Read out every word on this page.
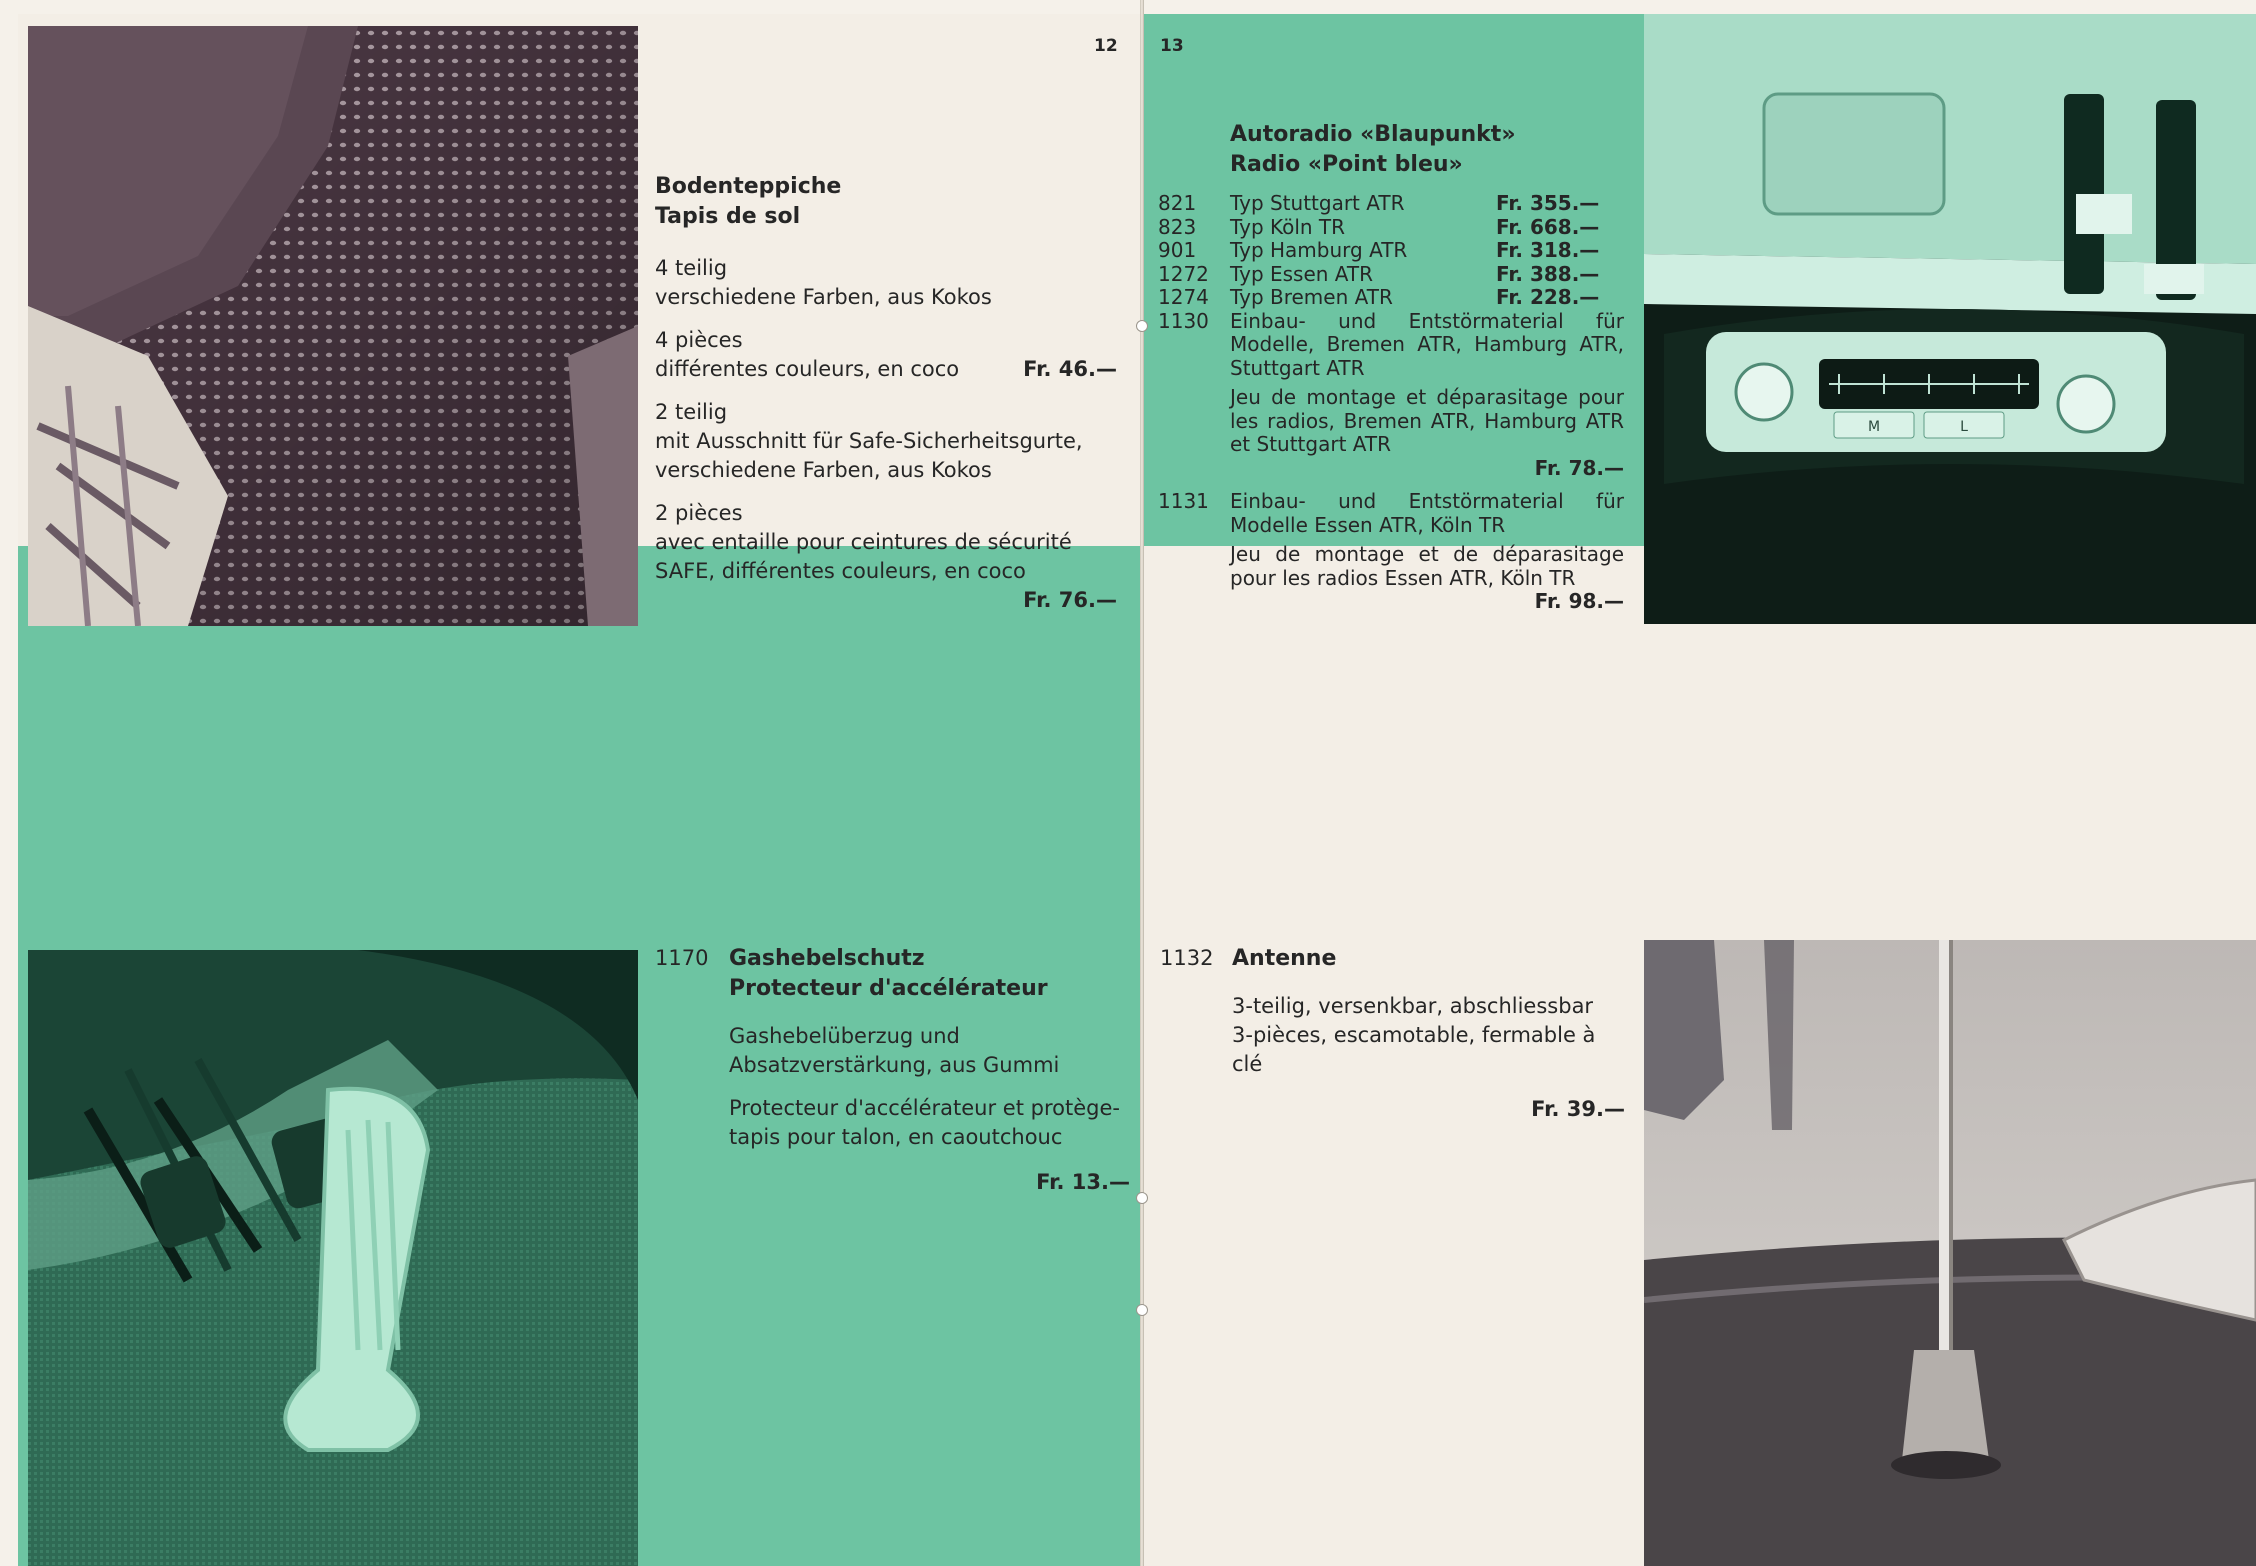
12 13
Bodenteppiche
Tapis de sol
4 teilig
verschiedene Farben, aus Kokos
4 pièces
différentes couleurs, en coco	Fr. 46.—
2 teilig
mit Ausschnitt für Safe-Sicherheitsgurte,
verschiedene Farben, aus Kokos
2 pièces
avec entaille pour ceintures de sécurité
SAFE, différentes couleurs, en coco
Fr. 76.—
Autoradio «Blaupunkt»
Radio «Point bleu»
821	Typ Stuttgart ATR	Fr. 355.—
823	Typ Köln TR	Fr. 668.—
901	Typ Hamburg ATR	Fr. 318.—
1272	Typ Essen ATR	Fr. 388.—
1274	Typ Bremen ATR	Fr. 228.—
1130	Einbau- und Entstörmaterial für Modelle, Bremen ATR, Hamburg ATR, Stuttgart ATR
Jeu de montage et déparasitage pour les radios, Bremen ATR, Hamburg ATR et Stuttgart ATR
Fr. 78.—
1131	Einbau- und Entstörmaterial für Modelle Essen ATR, Köln TR
Jeu de montage et de déparasitage pour les radios Essen ATR, Köln TR
Fr. 98.—
M	L
1170 Gashebelschutz
Protecteur d'accélérateur
Gashebelüberzug und
Absatzverstärkung, aus Gummi
Protecteur d'accélérateur et protège-
tapis pour talon, en caoutchouc
Fr. 13.—
1132 Antenne
3-teilig, versenkbar, abschliessbar
3-pièces, escamotable, fermable à clé
Fr. 39.—
